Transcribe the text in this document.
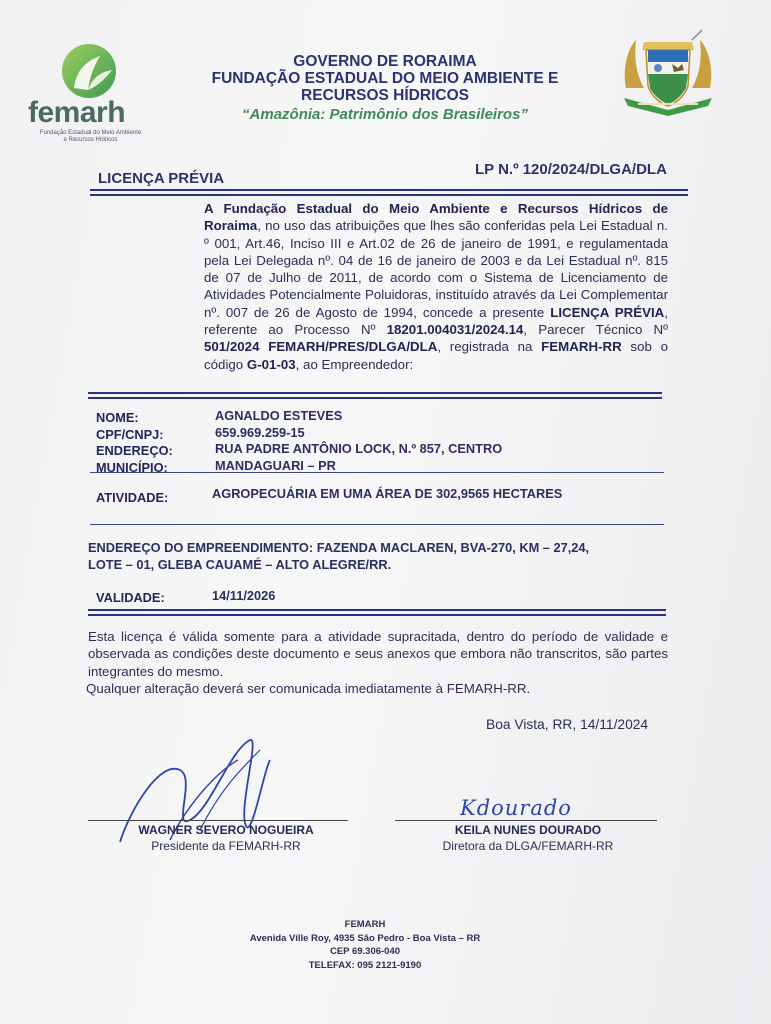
femarh
Fundação Estadual do Meio Ambiente
e Recursos Hídricos
GOVERNO DE RORAIMA
FUNDAÇÃO ESTADUAL DO MEIO AMBIENTE E
RECURSOS HÍDRICOS
“Amazônia: Patrimônio dos Brasileiros”
LICENÇA PRÉVIA
LP N.º 120/2024/DLGA/DLA
A Fundação Estadual do Meio Ambiente e Recursos Hídricos de Roraima, no uso das atribuições que lhes são conferidas pela Lei Estadual n. º 001, Art.46, Inciso III e Art.02 de 26 de janeiro de 1991, e regulamentada pela Lei Delegada nº. 04 de 16 de janeiro de 2003 e da Lei Estadual nº. 815 de 07 de Julho de 2011, de acordo com o Sistema de Licenciamento de Atividades Potencialmente Poluidoras, instituído através da Lei Complementar nº. 007 de 26 de Agosto de 1994, concede a presente LICENÇA PRÉVIA, referente ao Processo Nº 18201.004031/2024.14, Parecer Técnico Nº 501/2024 FEMARH/PRES/DLGA/DLA, registrada na FEMARH-RR sob o código G-01-03, ao Empreendedor:
NOME:
CPF/CNPJ:
ENDEREÇO:
MUNICÍPIO:
AGNALDO ESTEVES
659.969.259-15
RUA PADRE ANTÔNIO LOCK, N.º 857, CENTRO
MANDAGUARI – PR
ATIVIDADE:	AGROPECUÁRIA EM UMA ÁREA DE 302,9565 HECTARES
ENDEREÇO DO EMPREENDIMENTO: FAZENDA MACLAREN, BVA-270, KM – 27,24,
LOTE – 01, GLEBA CAUAMÉ – ALTO ALEGRE/RR.
VALIDADE:	14/11/2026
Esta licença é válida somente para a atividade supracitada, dentro do período de validade e observada as condições deste documento e seus anexos que embora não transcritos, são partes integrantes do mesmo.
Qualquer alteração deverá ser comunicada imediatamente à FEMARH-RR.
Boa Vista, RR, 14/11/2024
Kdourado
WAGNER SEVERO NOGUEIRA
Presidente da FEMARH-RR
KEILA NUNES DOURADO
Diretora da DLGA/FEMARH-RR
FEMARH
Avenida Ville Roy, 4935 São Pedro - Boa Vista – RR
CEP 69.306-040
TELEFAX: 095 2121-9190
